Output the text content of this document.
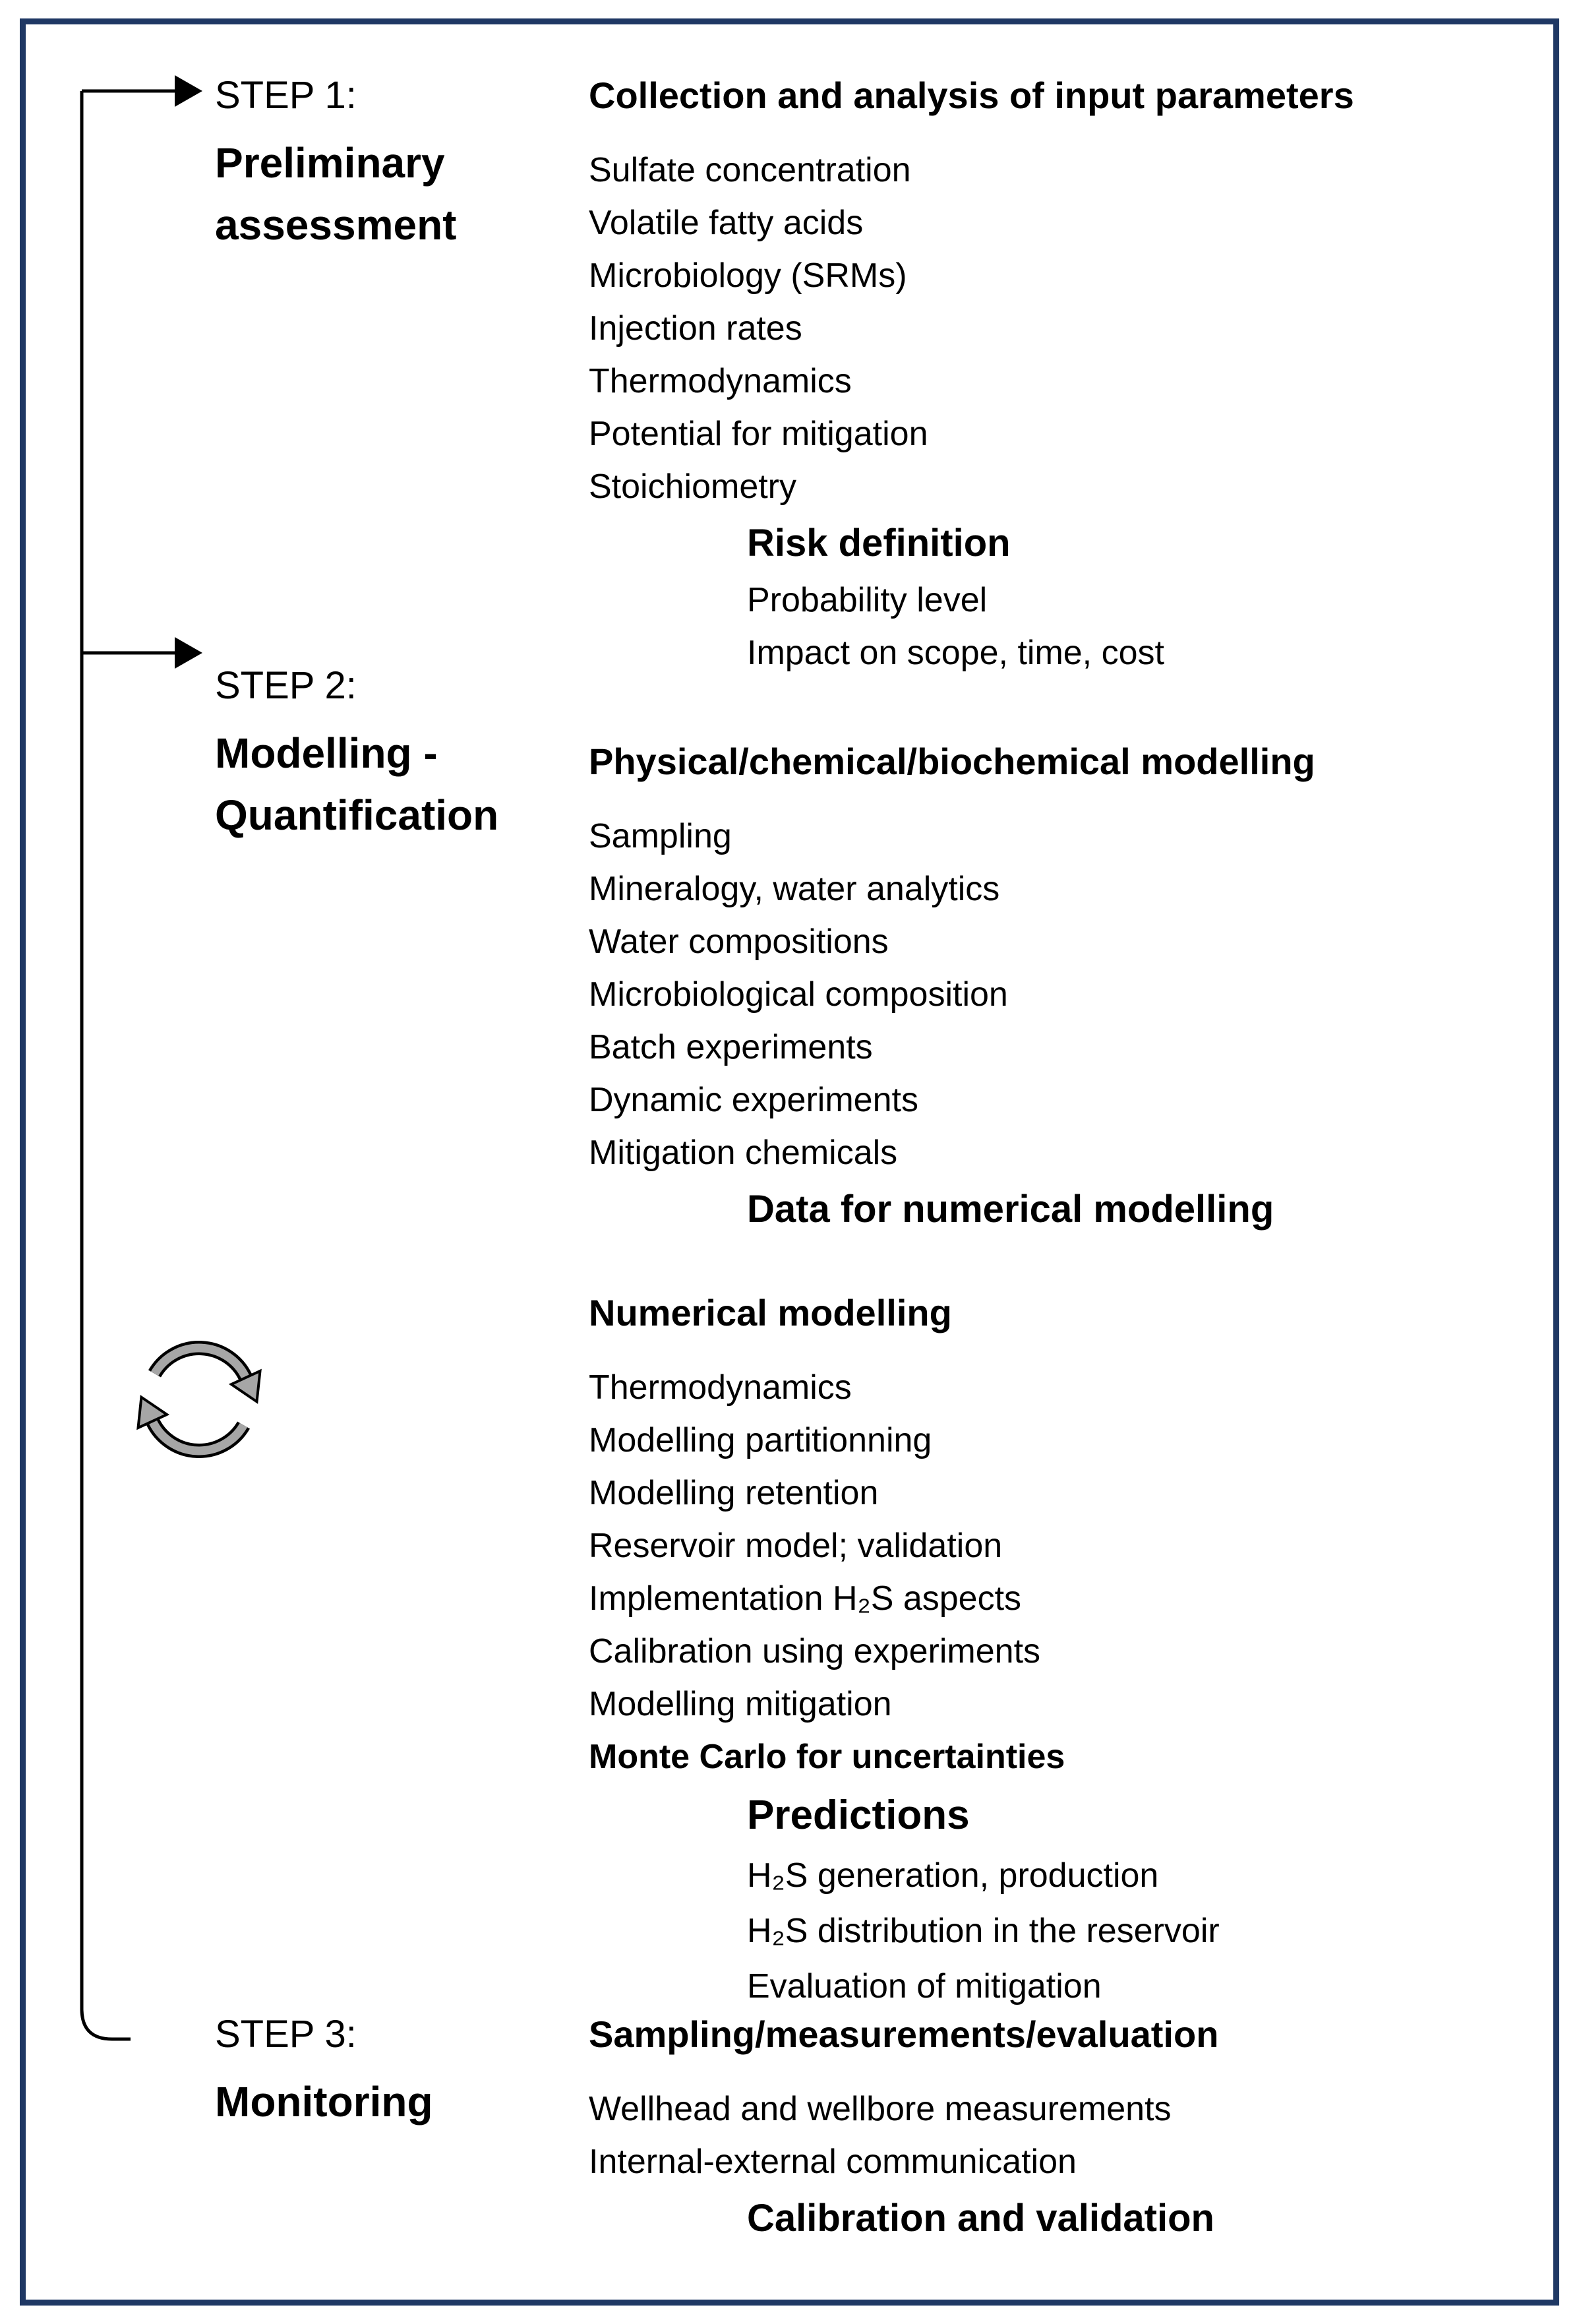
STEP 1:
Preliminary
assessment
STEP 2:
Modelling -
Quantification
STEP 3:
Monitoring
Collection and analysis of input parameters
Sulfate concentration
Volatile fatty acids
Microbiology (SRMs)
Injection rates
Thermodynamics
Potential for mitigation
Stoichiometry
Risk definition
Probability level
Impact on scope, time, cost
Physical/chemical/biochemical modelling
Sampling
Mineralogy, water analytics
Water compositions
Microbiological composition
Batch experiments
Dynamic experiments
Mitigation chemicals
Data for numerical modelling
Numerical modelling
Thermodynamics
Modelling partitionning
Modelling retention
Reservoir model; validation
Implementation H₂S aspects
Calibration using experiments
Modelling mitigation
Monte Carlo for uncertainties
Predictions
H₂S generation, production
H₂S distribution in the reservoir
Evaluation of mitigation
Sampling/measurements/evaluation
Wellhead and wellbore measurements
Internal-external communication
Calibration and validation
